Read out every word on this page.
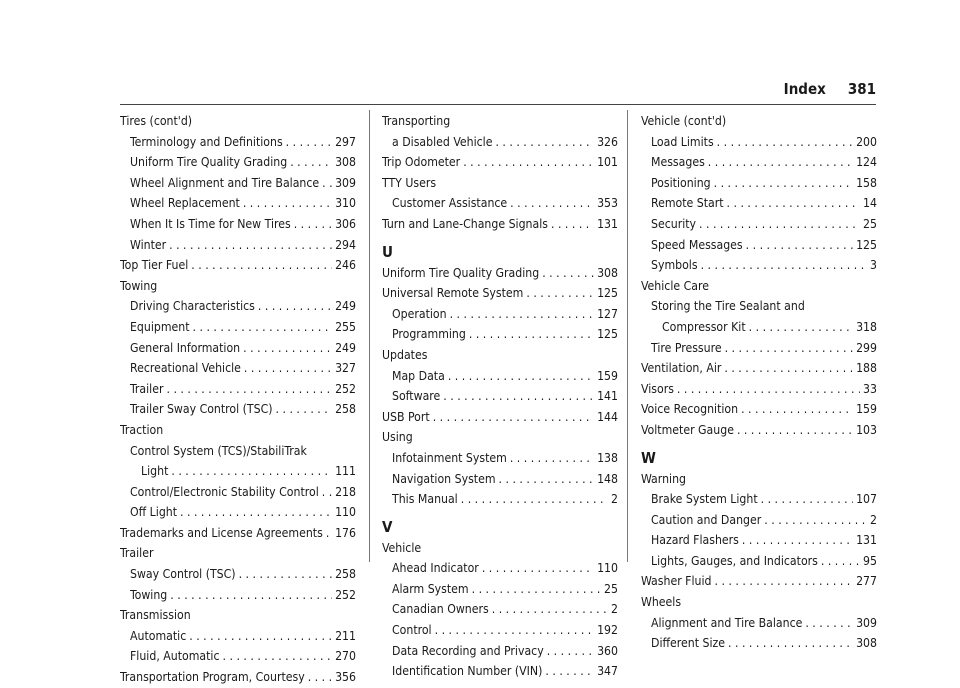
Index 381
Tires (cont'd)
Terminology and Definitions . . .	297
Uniform Tire Quality Grading . . .	308
Wheel Alignment and Tire Balance . . . 309
Wheel Replacement . . .	310
When It Is Time for New Tires . . .	306
Winter . . .	294
Top Tier Fuel . . .	246
Towing
Driving Characteristics . . .	249
Equipment . . .	255
General Information . . .	249
Recreational Vehicle . . .	327
Trailer . . .	252
Trailer Sway Control (TSC) . . .	258
Traction
Control System (TCS)/StabiliTrak
Light . . .	111
Control/Electronic Stability Control . . . 218
Off Light . . .	110
Trademarks and License Agreements . . . 176
Trailer
Sway Control (TSC) . . .	258
Towing . . .	252
Transmission
Automatic . . .	211
Fluid, Automatic . . .	270
Transportation Program, Courtesy . . . 356
Transporting
a Disabled Vehicle . . .	326
Trip Odometer . . .	101
TTY Users
Customer Assistance . . .	353
Turn and Lane-Change Signals . . .	131
U
Uniform Tire Quality Grading . . .	308
Universal Remote System . . .	125
Operation . . .	127
Programming . . .	125
Updates
Map Data . . .	159
Software . . .	141
USB Port . . .	144
Using
Infotainment System . . .	138
Navigation System . . .	148
This Manual . . .	2
V
Vehicle
Ahead Indicator . . .	110
Alarm System . . .	25
Canadian Owners . . .	2
Control . . .	192
Data Recording and Privacy . . .	360
Identification Number (VIN) . . .	347
Vehicle (cont'd)
Load Limits . . .	200
Messages . . .	124
Positioning . . .	158
Remote Start . . .	14
Security . . .	25
Speed Messages . . .	125
Symbols . . .	3
Vehicle Care
Storing the Tire Sealant and
Compressor Kit . . .	318
Tire Pressure . . .	299
Ventilation, Air . . .	188
Visors . . .	33
Voice Recognition . . .	159
Voltmeter Gauge . . .	103
W
Warning
Brake System Light . . .	107
Caution and Danger . . .	2
Hazard Flashers . . .	131
Lights, Gauges, and Indicators . . .	95
Washer Fluid . . .	277
Wheels
Alignment and Tire Balance . . .	309
Different Size . . .	308
